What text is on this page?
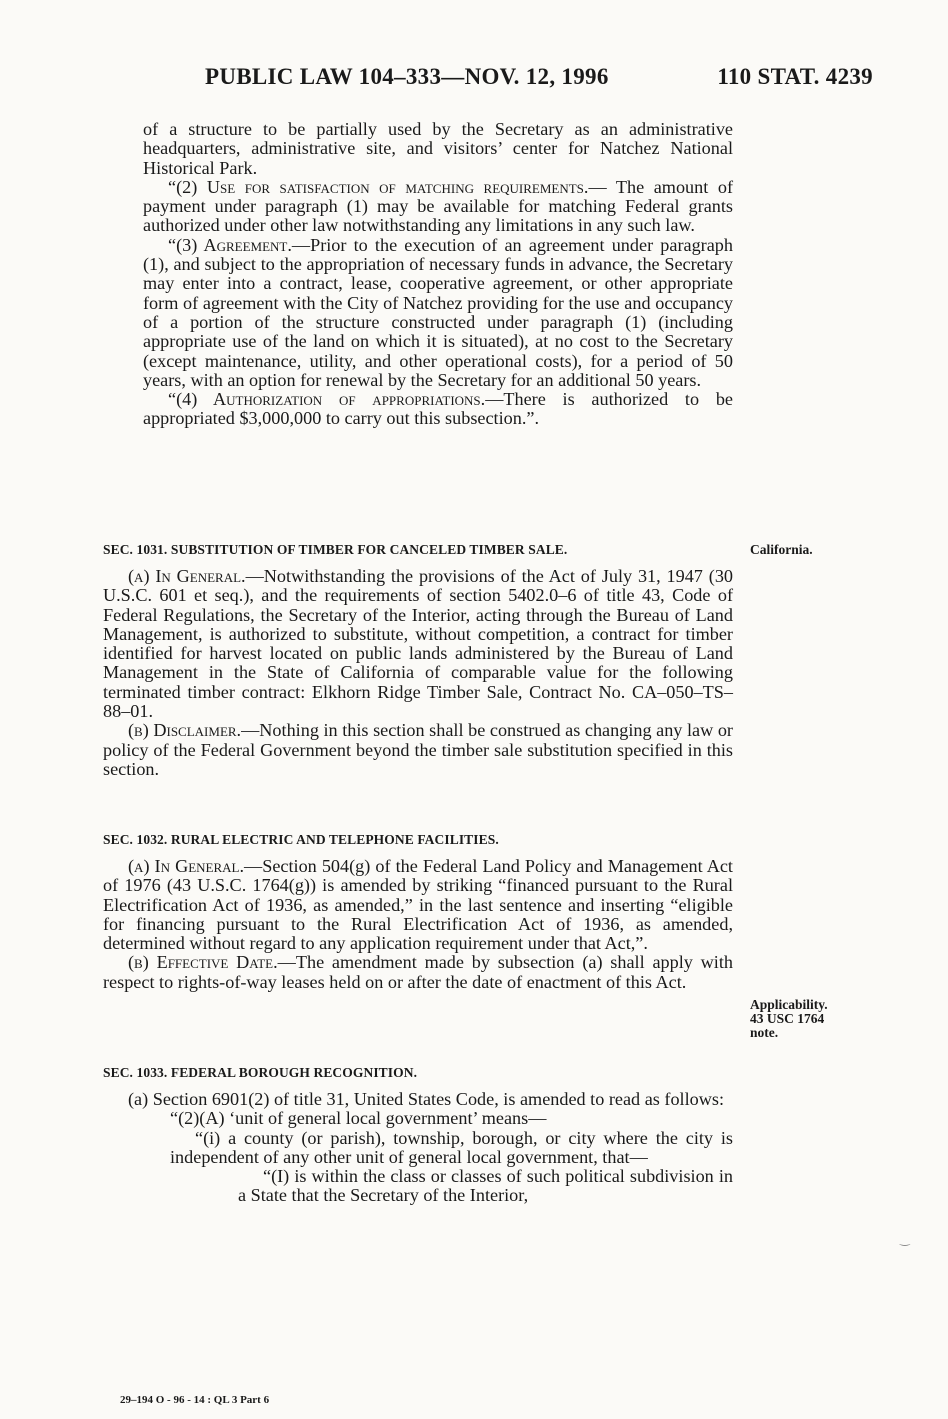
PUBLIC LAW 104–333—NOV. 12, 1996	110 STAT. 4239

of a structure to be partially used by the Secretary as an administrative headquarters, administrative site, and visitors’ center for Natchez National Historical Park.

“(2) Use for satisfaction of matching requirements.— The amount of payment under paragraph (1) may be available for matching Federal grants authorized under other law notwithstanding any limitations in any such law.

“(3) Agreement.—Prior to the execution of an agreement under paragraph (1), and subject to the appropriation of necessary funds in advance, the Secretary may enter into a contract, lease, cooperative agreement, or other appropriate form of agreement with the City of Natchez providing for the use and occupancy of a portion of the structure constructed under paragraph (1) (including appropriate use of the land on which it is situated), at no cost to the Secretary (except maintenance, utility, and other operational costs), for a period of 50 years, with an option for renewal by the Secretary for an additional 50 years.

“(4) Authorization of appropriations.—There is authorized to be appropriated $3,000,000 to carry out this subsection.”.

SEC. 1031. SUBSTITUTION OF TIMBER FOR CANCELED TIMBER SALE.

(a) In General.—Notwithstanding the provisions of the Act of July 31, 1947 (30 U.S.C. 601 et seq.), and the requirements of section 5402.0–6 of title 43, Code of Federal Regulations, the Secretary of the Interior, acting through the Bureau of Land Management, is authorized to substitute, without competition, a contract for timber identified for harvest located on public lands administered by the Bureau of Land Management in the State of California of comparable value for the following terminated timber contract: Elkhorn Ridge Timber Sale, Contract No. CA–050–TS–88–01.

(b) Disclaimer.—Nothing in this section shall be construed as changing any law or policy of the Federal Government beyond the timber sale substitution specified in this section.

California.

SEC. 1032. RURAL ELECTRIC AND TELEPHONE FACILITIES.

(a) In General.—Section 504(g) of the Federal Land Policy and Management Act of 1976 (43 U.S.C. 1764(g)) is amended by striking “financed pursuant to the Rural Electrification Act of 1936, as amended,” in the last sentence and inserting “eligible for financing pursuant to the Rural Electrification Act of 1936, as amended, determined without regard to any application requirement under that Act,”.

(b) Effective Date.—The amendment made by subsection (a) shall apply with respect to rights-of-way leases held on or after the date of enactment of this Act.

Applicability.
43 USC 1764
note.

SEC. 1033. FEDERAL BOROUGH RECOGNITION.

(a) Section 6901(2) of title 31, United States Code, is amended to read as follows:

“(2)(A) ‘unit of general local government’ means—

“(i) a county (or parish), township, borough, or city where the city is independent of any other unit of general local government, that—

“(I) is within the class or classes of such political subdivision in a State that the Secretary of the Interior,

29–194 O - 96 - 14 : QL 3 Part 6
‿
